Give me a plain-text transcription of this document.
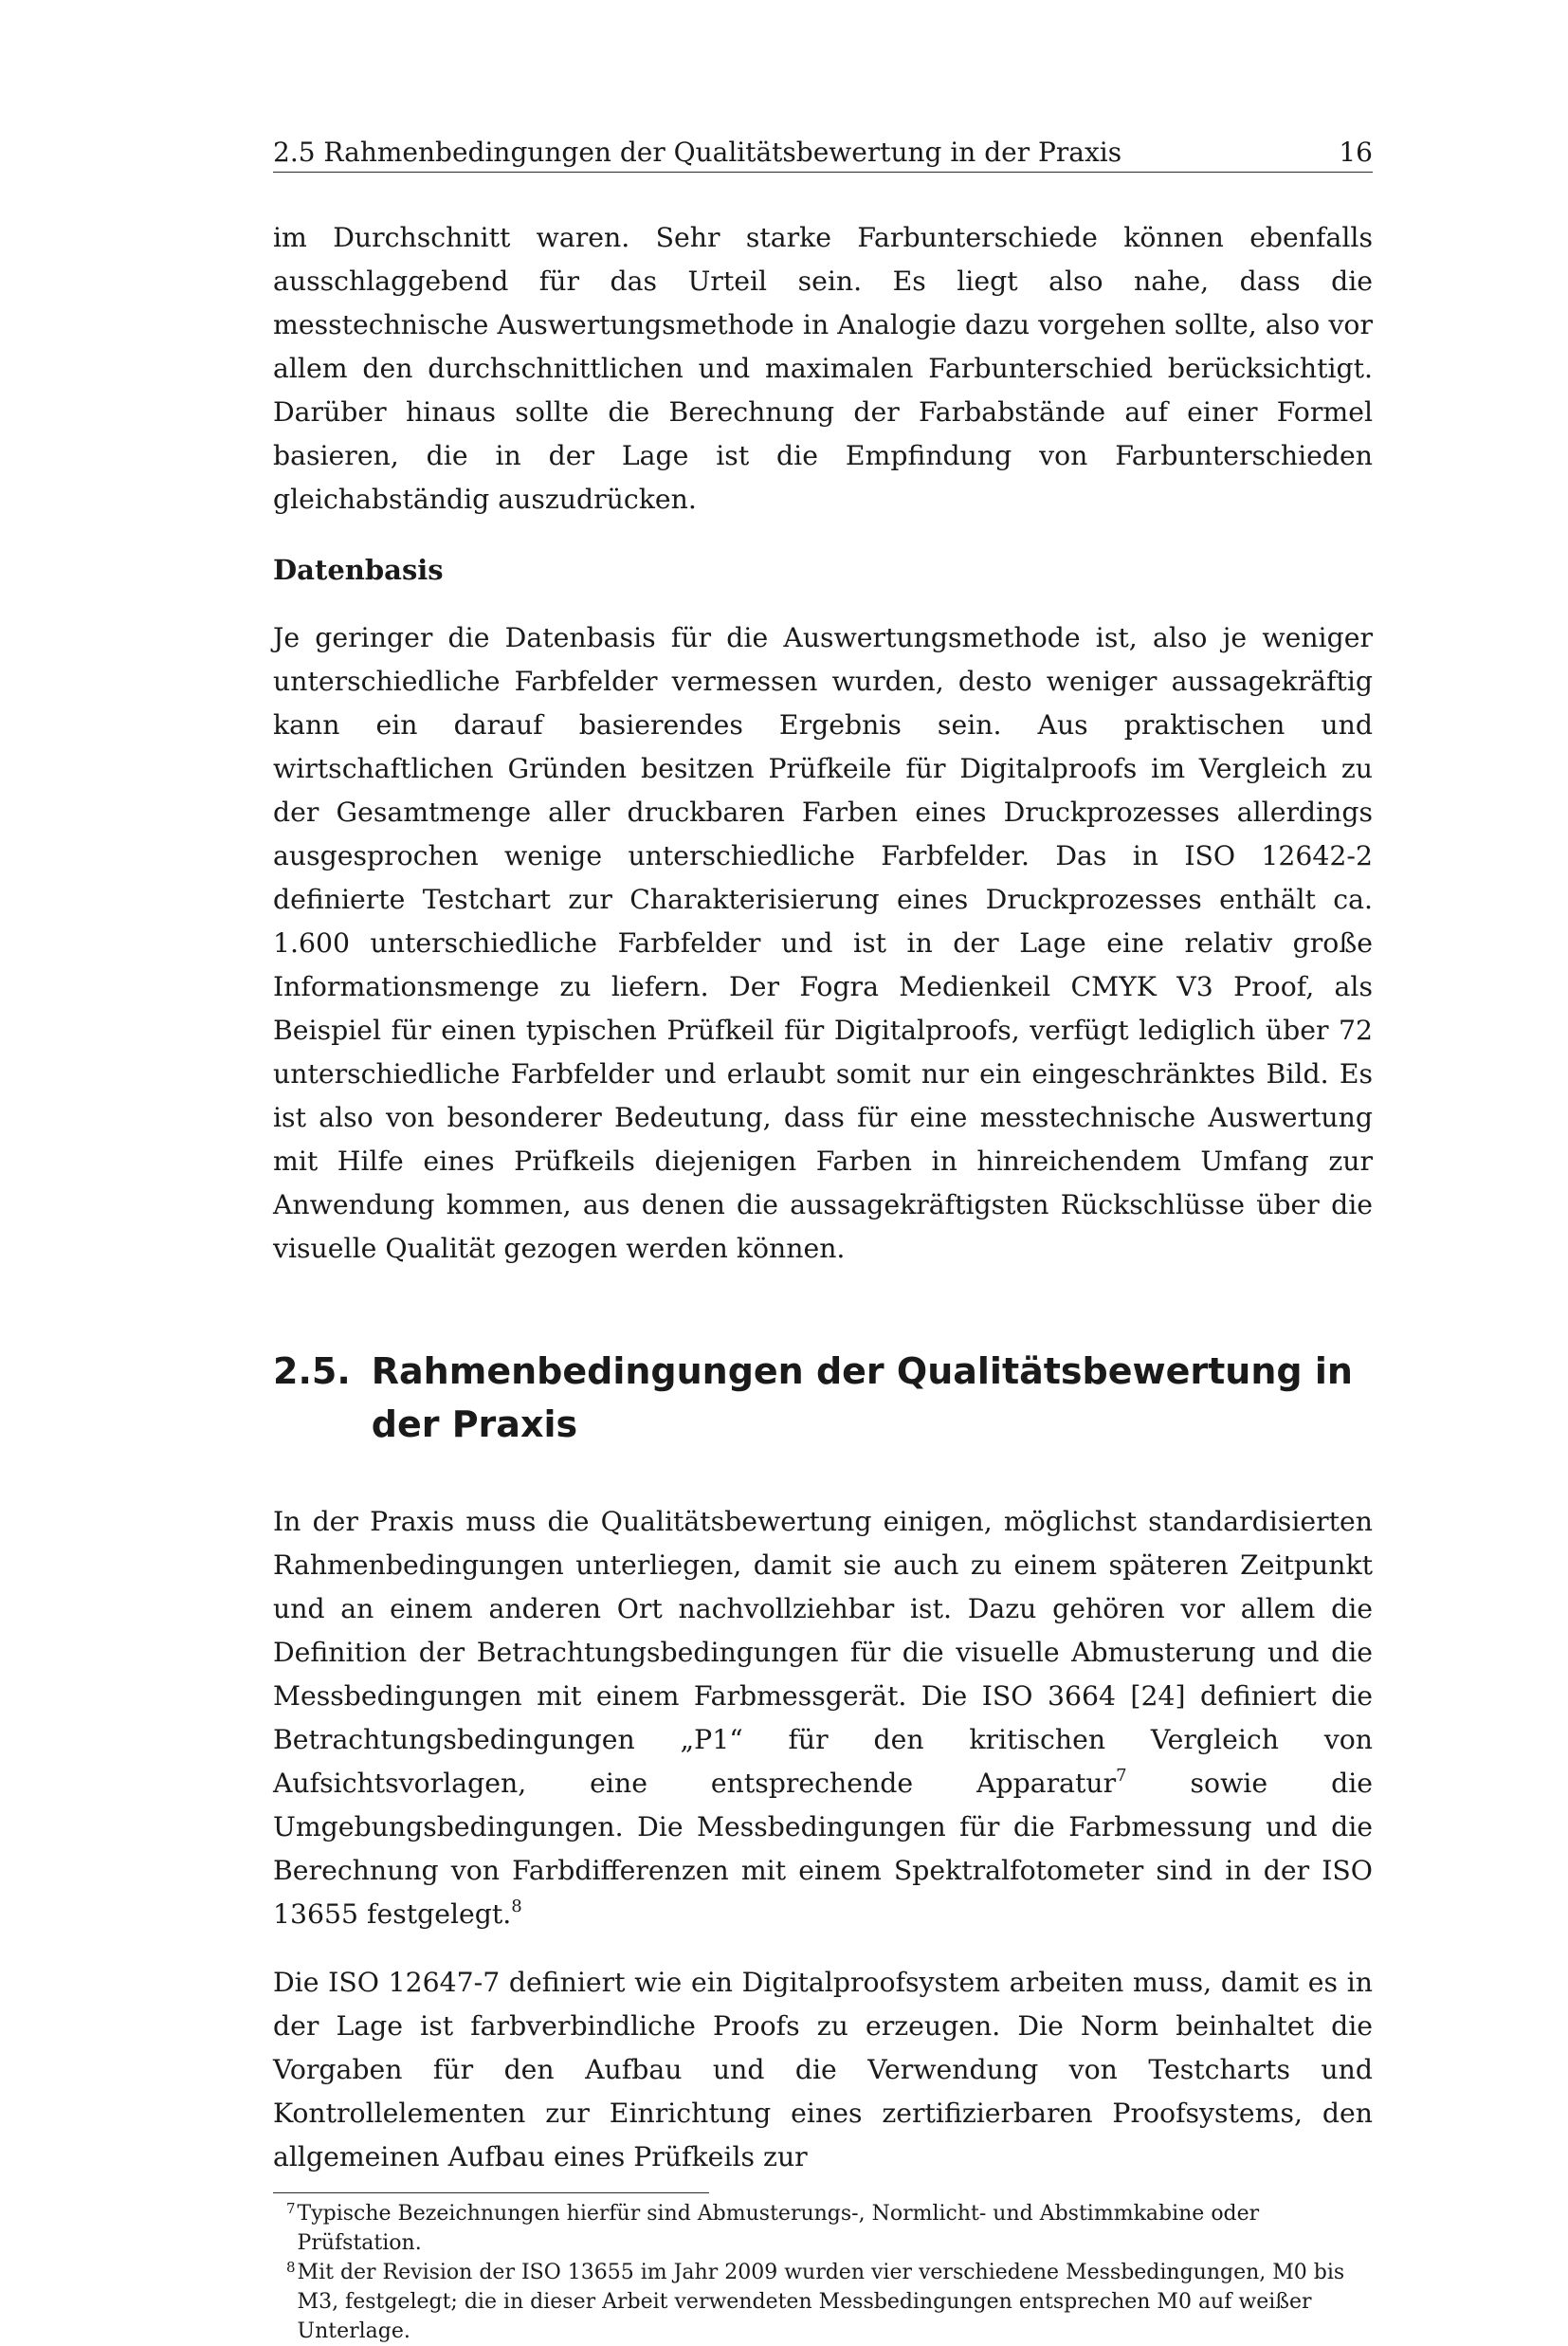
2.5 Rahmenbedingungen der Qualitätsbewertung in der Praxis	16

im Durchschnitt waren. Sehr starke Farbunterschiede können ebenfalls ausschlaggebend für das Urteil sein. Es liegt also nahe, dass die messtechnische Auswertungsmethode in Analogie dazu vorgehen sollte, also vor allem den durchschnittlichen und maximalen Farbunterschied berücksichtigt. Darüber hinaus sollte die Berechnung der Farbabstände auf einer Formel basieren, die in der Lage ist die Empfindung von Farbunterschieden gleichabständig auszudrücken.

Datenbasis

Je geringer die Datenbasis für die Auswertungsmethode ist, also je weniger unterschiedliche Farbfelder vermessen wurden, desto weniger aussagekräftig kann ein darauf basierendes Ergebnis sein. Aus praktischen und wirtschaftlichen Gründen besitzen Prüfkeile für Digitalproofs im Vergleich zu der Gesamtmenge aller druckbaren Farben eines Druckprozesses allerdings ausgesprochen wenige unterschiedliche Farbfelder. Das in ISO 12642-2 definierte Testchart zur Charakterisierung eines Druckprozesses enthält ca. 1.600 unterschiedliche Farbfelder und ist in der Lage eine relativ große Informationsmenge zu liefern. Der Fogra Medienkeil CMYK V3 Proof, als Beispiel für einen typischen Prüfkeil für Digitalproofs, verfügt lediglich über 72 unterschiedliche Farbfelder und erlaubt somit nur ein eingeschränktes Bild. Es ist also von besonderer Bedeutung, dass für eine messtechnische Auswertung mit Hilfe eines Prüfkeils diejenigen Farben in hinreichendem Umfang zur Anwendung kommen, aus denen die aussagekräftigsten Rückschlüsse über die visuelle Qualität gezogen werden können.

2.5. Rahmenbedingungen der Qualitätsbewertung in der Praxis

In der Praxis muss die Qualitätsbewertung einigen, möglichst standardisierten Rahmenbedingungen unterliegen, damit sie auch zu einem späteren Zeitpunkt und an einem anderen Ort nachvollziehbar ist. Dazu gehören vor allem die Definition der Betrachtungsbedingungen für die visuelle Abmusterung und die Messbedingungen mit einem Farbmessgerät. Die ISO 3664 [24] definiert die Betrachtungsbedingungen „P1“ für den kritischen Vergleich von Aufsichtsvorlagen, eine entsprechende Apparatur$^7$ sowie die Umgebungsbedingungen. Die Messbedingungen für die Farbmessung und die Berechnung von Farbdifferenzen mit einem Spektralfotometer sind in der ISO 13655 festgelegt.$^8$

Die ISO 12647-7 definiert wie ein Digitalproofsystem arbeiten muss, damit es in der Lage ist farbverbindliche Proofs zu erzeugen. Die Norm beinhaltet die Vorgaben für den Aufbau und die Verwendung von Testcharts und Kontrollelementen zur Einrichtung eines zertifizierbaren Proofsystems, den allgemeinen Aufbau eines Prüfkeils zur

7 Typische Bezeichnungen hierfür sind Abmusterungs-, Normlicht- und Abstimmkabine oder Prüfstation.
8 Mit der Revision der ISO 13655 im Jahr 2009 wurden vier verschiedene Messbedingungen, M0 bis M3, festgelegt; die in dieser Arbeit verwendeten Messbedingungen entsprechen M0 auf weißer Unterlage.
